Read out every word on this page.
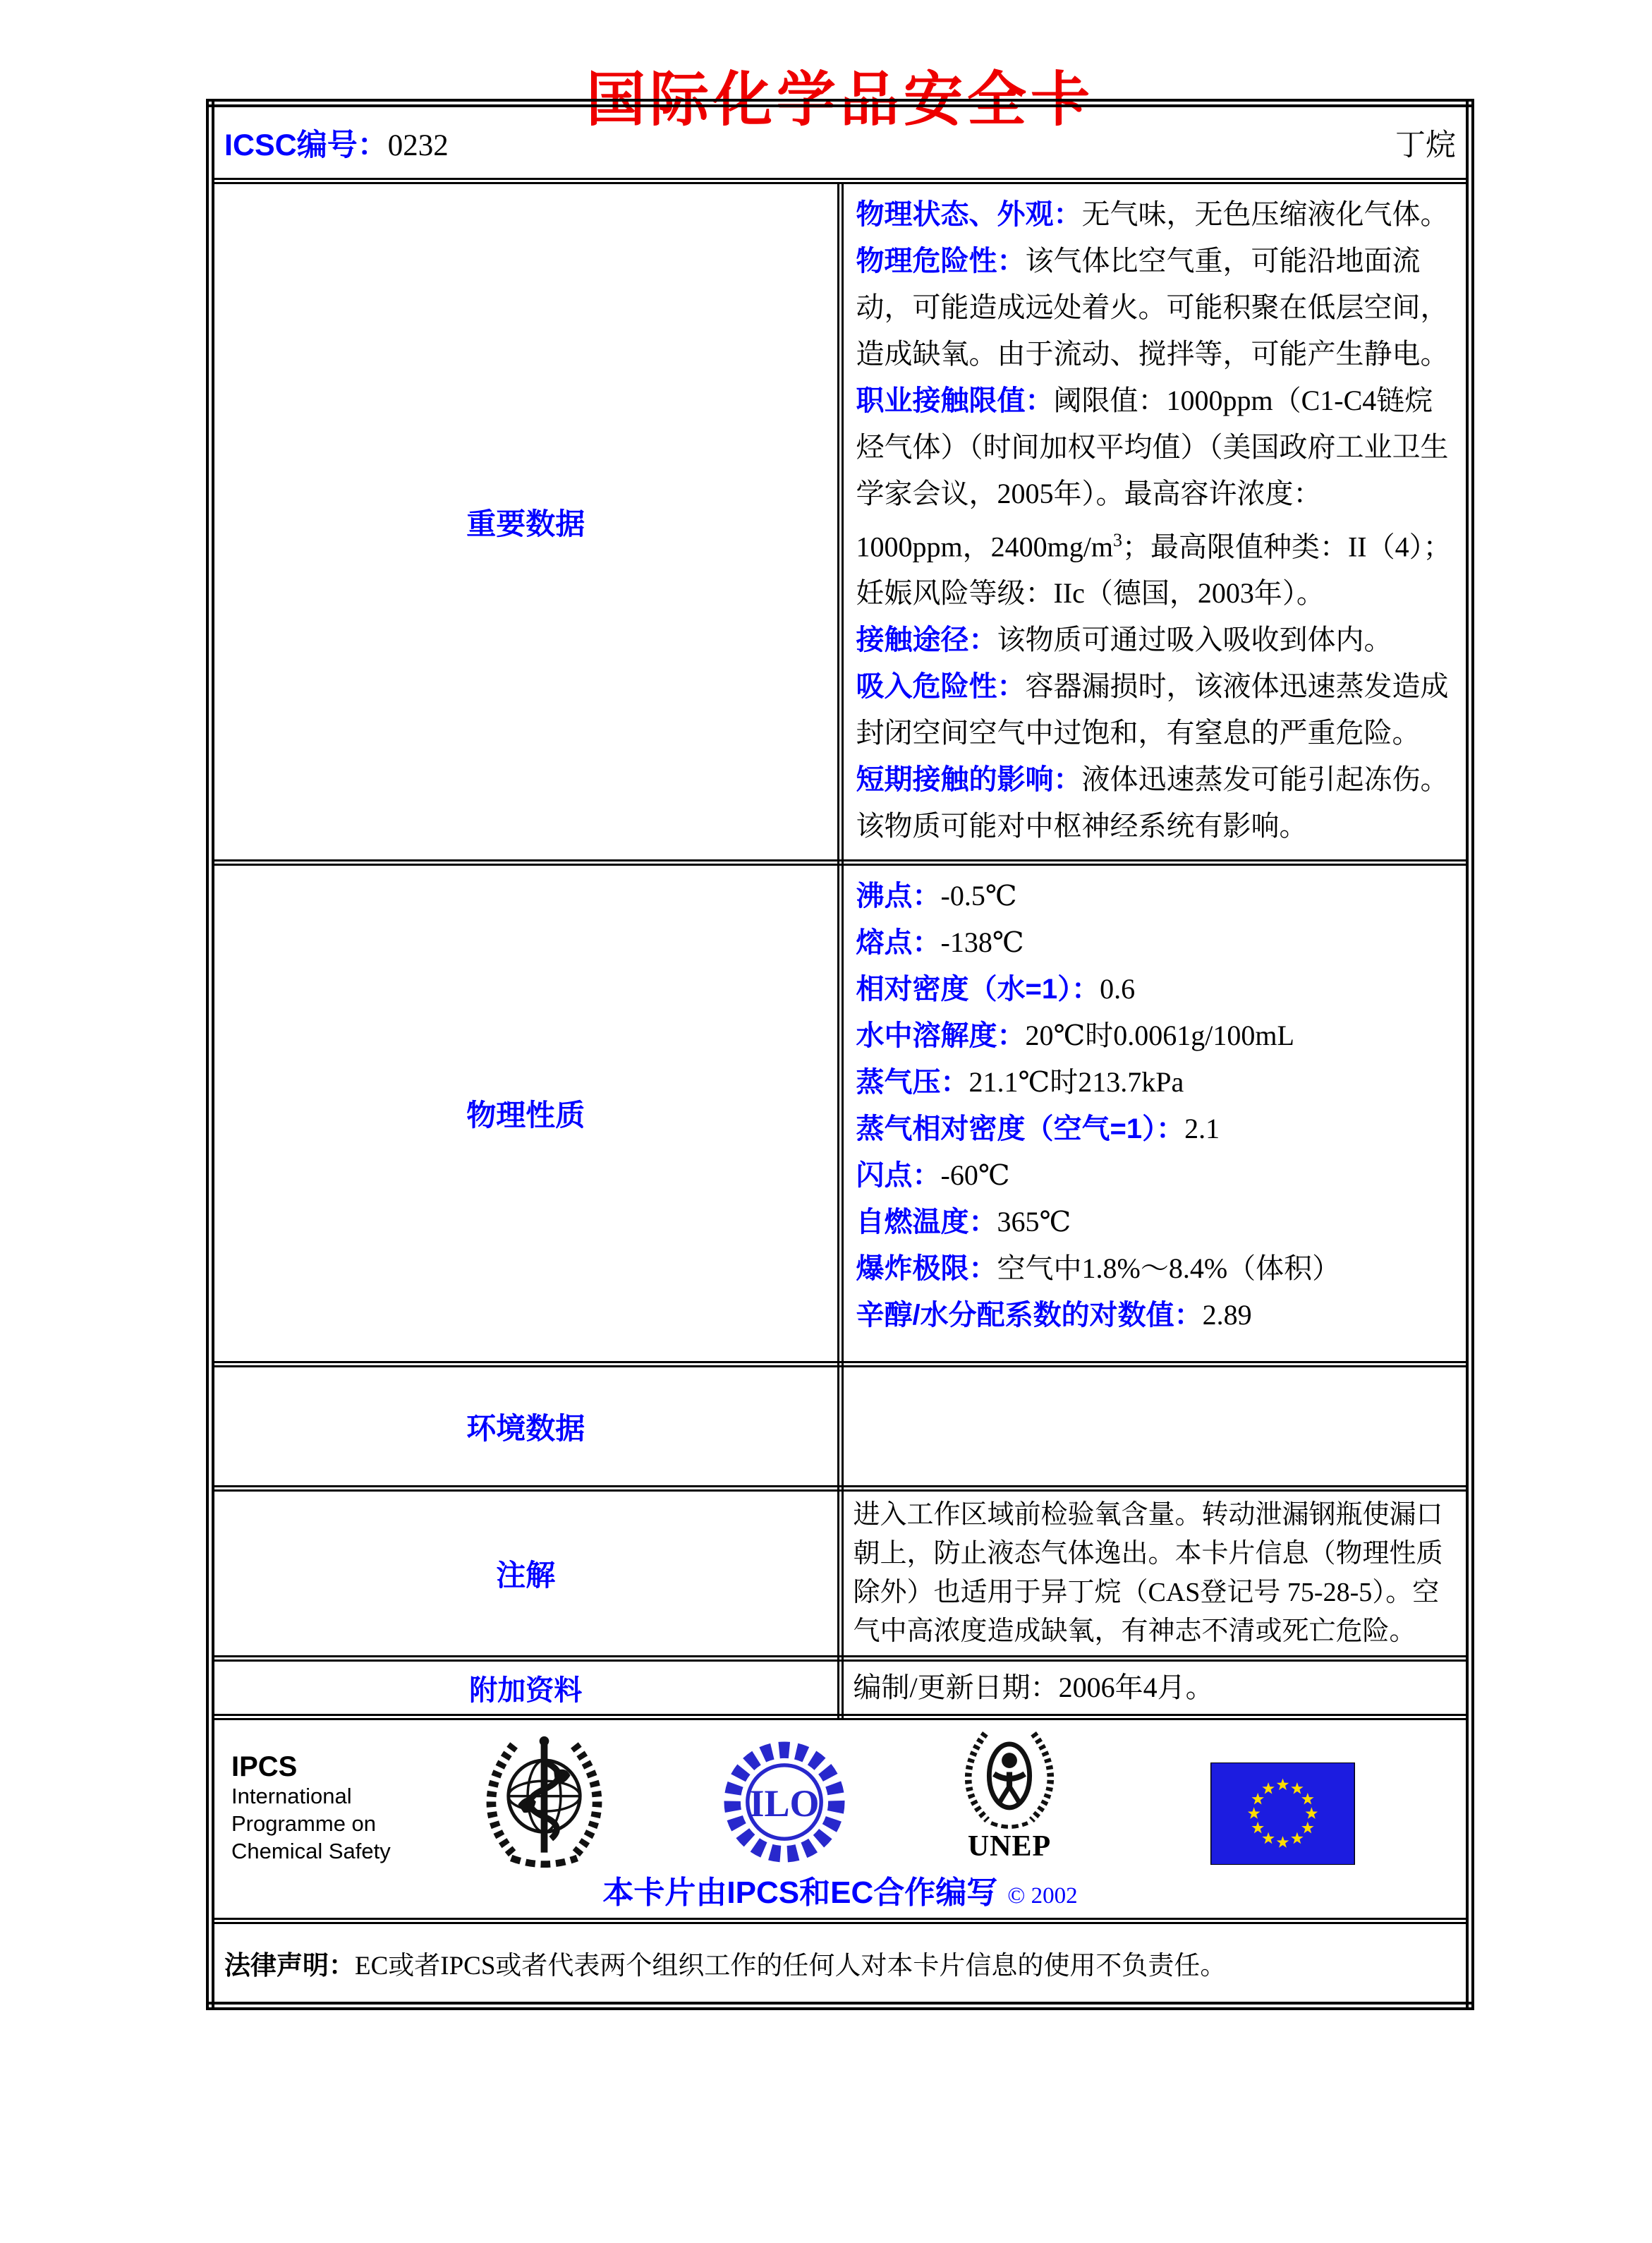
国际化学品安全卡
ICSC编号：0232 丁烷	

重要数据	
物理状态、外观：无气味，无色压缩液化气体。
物理危险性：该气体比空气重，可能沿地面流动，可能造成远处着火。可能积聚在低层空间，造成缺氧。由于流动、搅拌等，可能产生静电。
职业接触限值：阈限值：1000ppm（C1-C4链烷烃气体）（时间加权平均值）（美国政府工业卫生学家会议，2005年）。最高容许浓度：1000ppm，$2400mg/m^3$；最高限值种类：II（4）；妊娠风险等级：IIc（德国，2003年）。
接触途径：该物质可通过吸入吸收到体内。
吸入危险性：容器漏损时，该液体迅速蒸发造成封闭空间空气中过饱和，有窒息的严重危险。
短期接触的影响：液体迅速蒸发可能引起冻伤。该物质可能对中枢神经系统有影响。

物理性质	
沸点：-0.5℃
熔点：-138℃
相对密度（水=1）：0.6
水中溶解度：20℃时0.0061g/100mL
蒸气压：21.1℃时213.7kPa
蒸气相对密度（空气=1）：2.1
闪点：-60℃
自燃温度：365℃
爆炸极限：空气中1.8%～8.4%（体积）
辛醇/水分配系数的对数值：2.89

环境数据	
注解	进入工作区域前检验氧含量。转动泄漏钢瓶使漏口朝上，防止液态气体逸出。本卡片信息（物理性质除外）也适用于异丁烷（CAS登记号 75-28-5）。空气中高浓度造成缺氧，有神志不清或死亡危险。
附加资料	编制/更新日期：2006年4月。

IPCS
International
Programme on
Chemical Safety
ILO
UNEP
本卡片由IPCS和EC合作编写 © 2002

法律声明：EC或者IPCS或者代表两个组织工作的任何人对本卡片信息的使用不负责任。	
